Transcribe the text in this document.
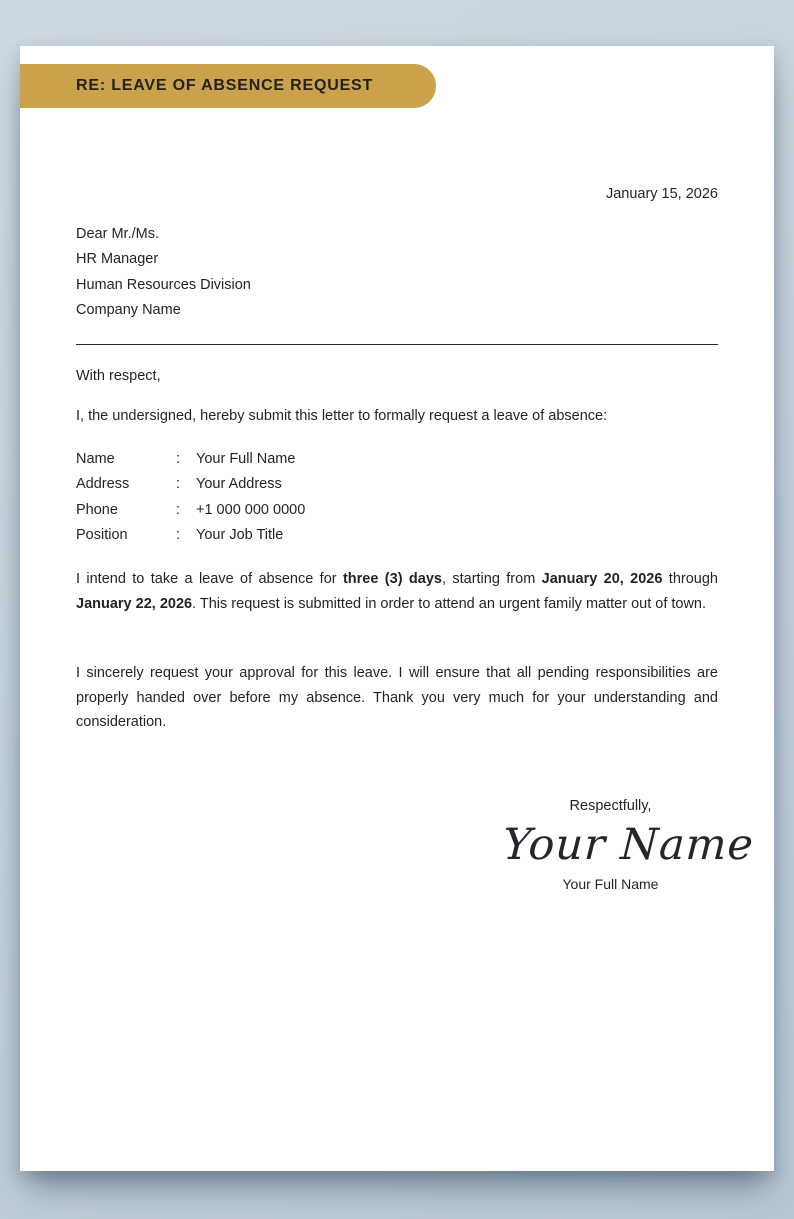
RE: LEAVE OF ABSENCE REQUEST
January 15, 2026
Dear Mr./Ms.
HR Manager
Human Resources Division
Company Name
With respect,
I, the undersigned, hereby submit this letter to formally request a leave of absence:
Name	:	Your Full Name
Address	:	Your Address
Phone	:	+1 000 000 0000
Position	:	Your Job Title
I intend to take a leave of absence for three (3) days, starting from January 20, 2026 through January 22, 2026. This request is submitted in order to attend an urgent family matter out of town.
I sincerely request your approval for this leave. I will ensure that all pending responsibilities are properly handed over before my absence. Thank you very much for your understanding and consideration.
Respectfully,
Your Name
Your Full Name
